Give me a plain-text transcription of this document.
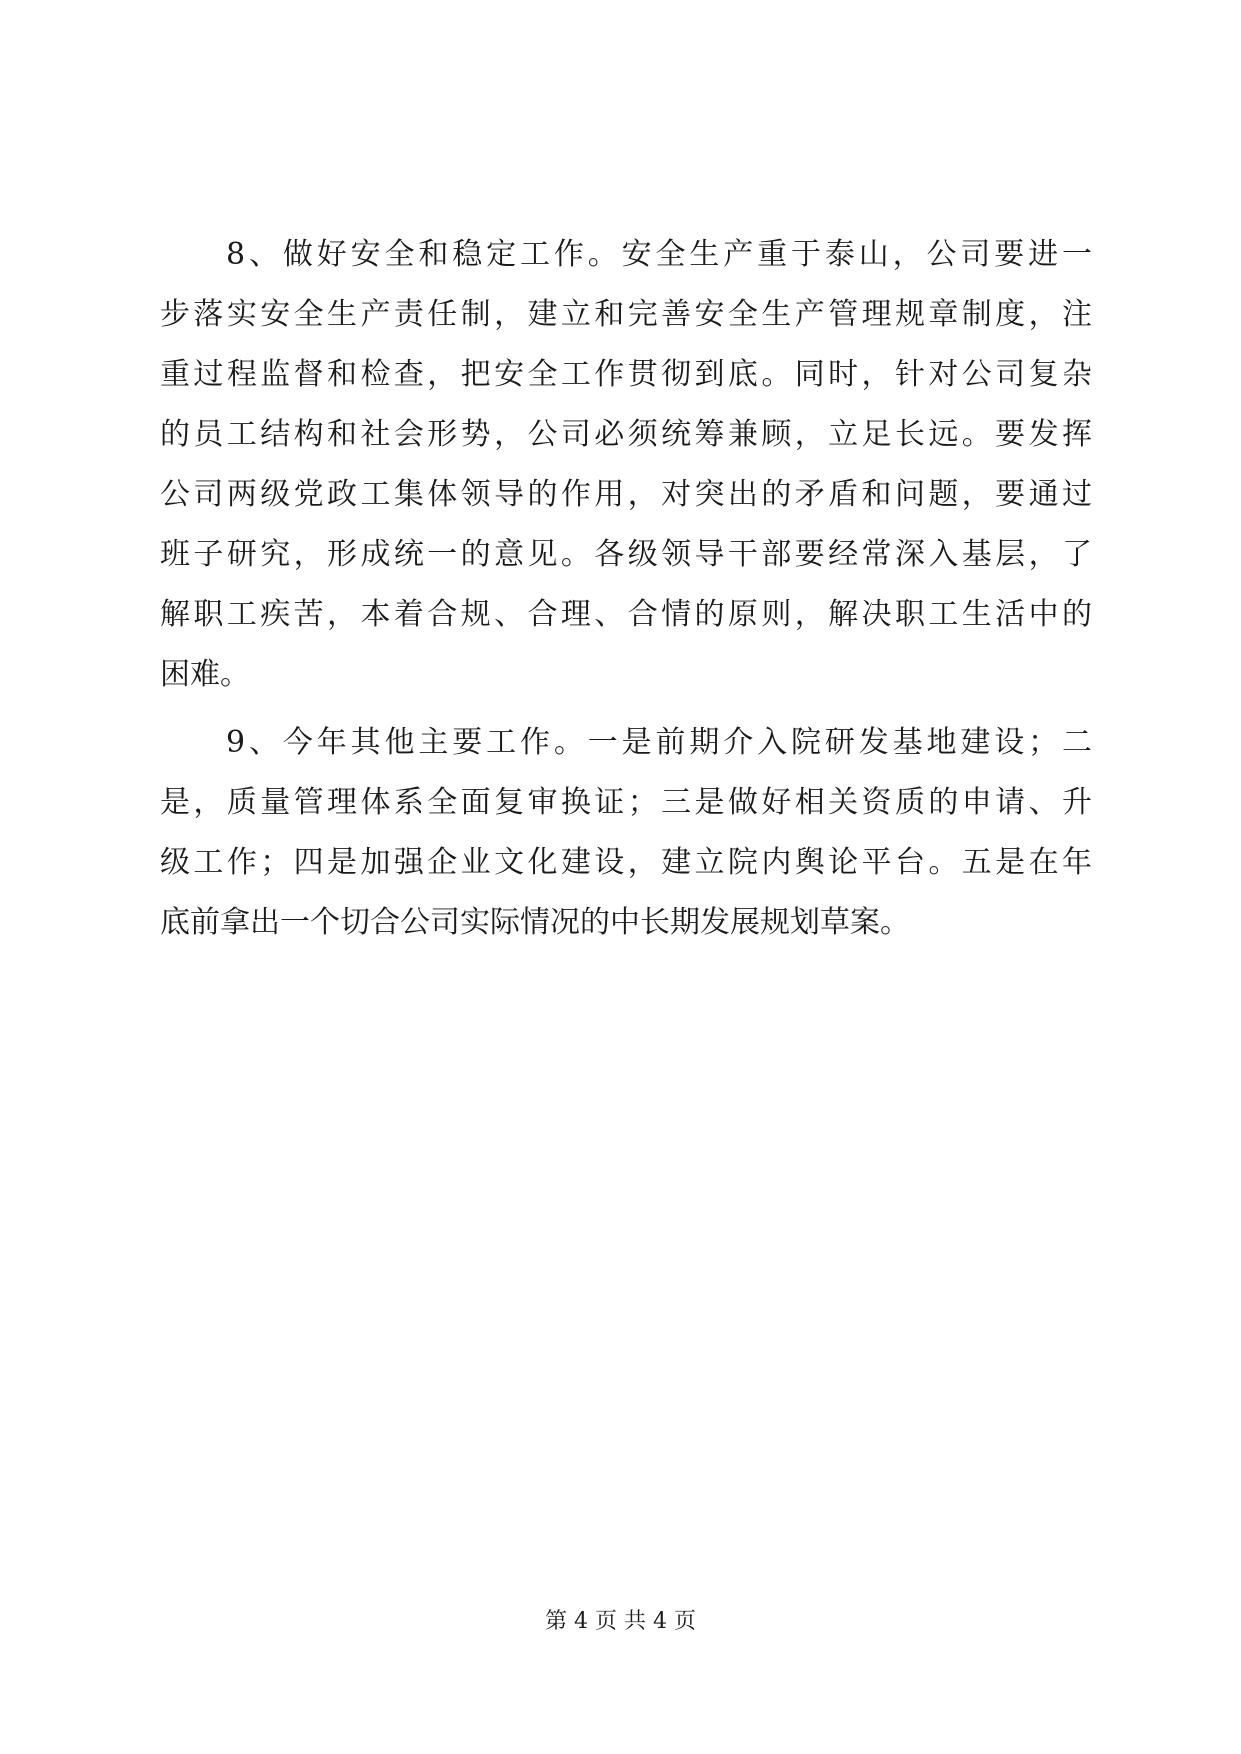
8、做好安全和稳定工作。安全生产重于泰山，公司要进一
步落实安全生产责任制，建立和完善安全生产管理规章制度，注
重过程监督和检查，把安全工作贯彻到底。同时，针对公司复杂
的员工结构和社会形势，公司必须统筹兼顾，立足长远。要发挥
公司两级党政工集体领导的作用，对突出的矛盾和问题，要通过
班子研究，形成统一的意见。各级领导干部要经常深入基层，了
解职工疾苦，本着合规、合理、合情的原则，解决职工生活中的
困难。
9、今年其他主要工作。一是前期介入院研发基地建设；二
是，质量管理体系全面复审换证；三是做好相关资质的申请、升
级工作；四是加强企业文化建设，建立院内舆论平台。五是在年
底前拿出一个切合公司实际情况的中长期发展规划草案。
第 4 页 共 4 页
